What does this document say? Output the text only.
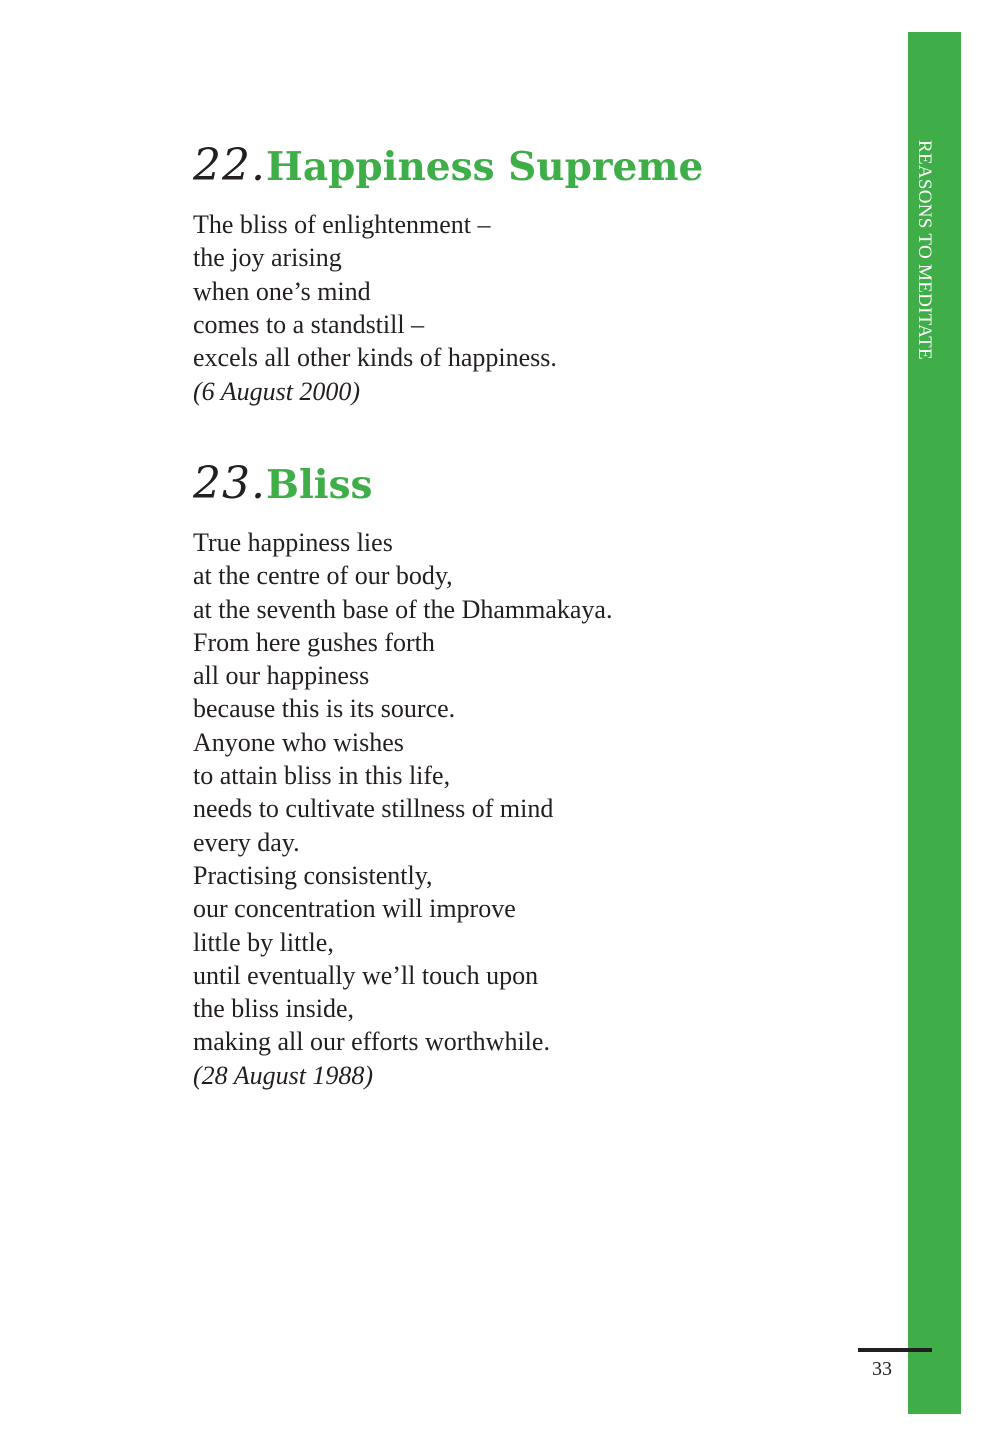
REASONS TO MEDITATE
22.Happiness Supreme
The bliss of enlightenment –
the joy arising
when one’s mind
comes to a standstill –
excels all other kinds of happiness.
(6 August 2000)
23.Bliss
True happiness lies
at the centre of our body,
at the seventh base of the Dhammakaya.
From here gushes forth
all our happiness
because this is its source.
Anyone who wishes
to attain bliss in this life,
needs to cultivate stillness of mind
every day.
Practising consistently,
our concentration will improve
little by little,
until eventually we’ll touch upon
the bliss inside,
making all our efforts worthwhile.
(28 August 1988)
33
